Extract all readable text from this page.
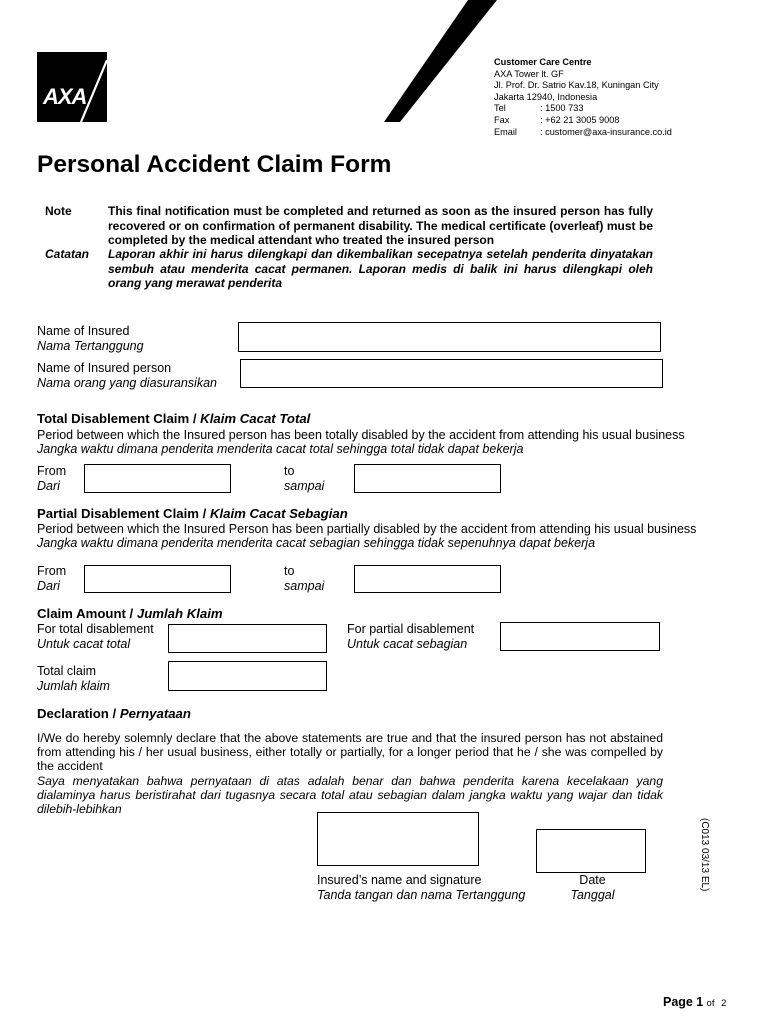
AXA
Customer Care Centre
AXA Tower lt. GF
Jl. Prof. Dr. Satrio Kav.18, Kuningan City
Jakarta 12940, Indonesia
Tel	: 1500 733
Fax	: +62 21 3005 9008
Email	: customer@axa-insurance.co.id
Personal Accident Claim Form
Note
Catatan
This final notification must be completed and returned as soon as the insured person has fully recovered or on confirmation of permanent disability. The medical certificate (overleaf) must be completed by the medical attendant who treated the insured person
Laporan akhir ini harus dilengkapi dan dikembalikan secepatnya setelah penderita dinyatakan sembuh atau menderita cacat permanen. Laporan medis di balik ini harus dilengkapi oleh orang yang merawat penderita
Name of Insured
Nama Tertanggung
Name of Insured person
Nama orang yang diasuransikan
Total Disablement Claim / Klaim Cacat Total
Period between which the Insured person has been totally disabled by the accident from attending his usual business
Jangka waktu dimana penderita menderita cacat total sehingga total tidak dapat bekerja
From
Dari
to
sampai
Partial Disablement Claim / Klaim Cacat Sebagian
Period between which the Insured Person has been partially disabled by the accident from attending his usual business
Jangka waktu dimana penderita menderita cacat sebagian sehingga tidak sepenuhnya dapat bekerja
From
Dari
to
sampai
Claim Amount / Jumlah Klaim
For total disablement
Untuk cacat total
For partial disablement
Untuk cacat sebagian
Total claim
Jumlah klaim
Declaration / Pernyataan
I/We do hereby solemnly declare that the above statements are true and that the insured person has not abstained from attending his / her usual business, either totally or partially, for a longer period that he / she was compelled by the accident
Saya menyatakan bahwa pernyataan di atas adalah benar dan bahwa penderita karena kecelakaan yang dialaminya harus beristirahat dari tugasnya secara total atau sebagian dalam jangka waktu yang wajar dan tidak dilebih-lebihkan
Insured’s name and signature
Tanda tangan dan nama Tertanggung
Date
Tanggal
(C013 03/13 EL)
Page 1 of 2
